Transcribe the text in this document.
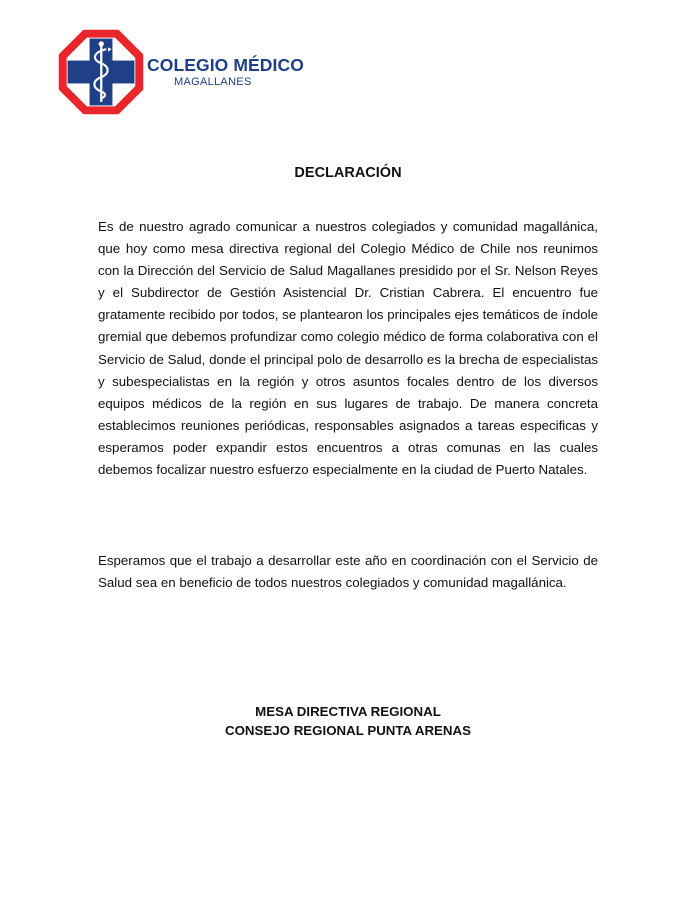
COLEGIO MÉDICO
MAGALLANES
DECLARACIÓN

Es de nuestro agrado comunicar a nuestros colegiados y comunidad magallánica, que hoy como mesa directiva regional del Colegio Médico de Chile nos reunimos con la Dirección del Servicio de Salud Magallanes presidido por el Sr. Nelson Reyes y el Subdirector de Gestión Asistencial Dr. Cristian Cabrera. El encuentro fue gratamente recibido por todos, se plantearon los principales ejes temáticos de índole gremial que debemos profundizar como colegio médico de forma colaborativa con el Servicio de Salud, donde el principal polo de desarrollo es la brecha de especialistas y subespecialistas en la región y otros asuntos focales dentro de los diversos equipos médicos de la región en sus lugares de trabajo. De manera concreta establecimos reuniones periódicas, responsables asignados a tareas especificas y esperamos poder expandir estos encuentros a otras comunas en las cuales debemos focalizar nuestro esfuerzo especialmente en la ciudad de Puerto Natales.

Esperamos que el trabajo a desarrollar este año en coordinación con el Servicio de Salud sea en beneficio de todos nuestros colegiados y comunidad magallánica.

MESA DIRECTIVA REGIONAL
CONSEJO REGIONAL PUNTA ARENAS
